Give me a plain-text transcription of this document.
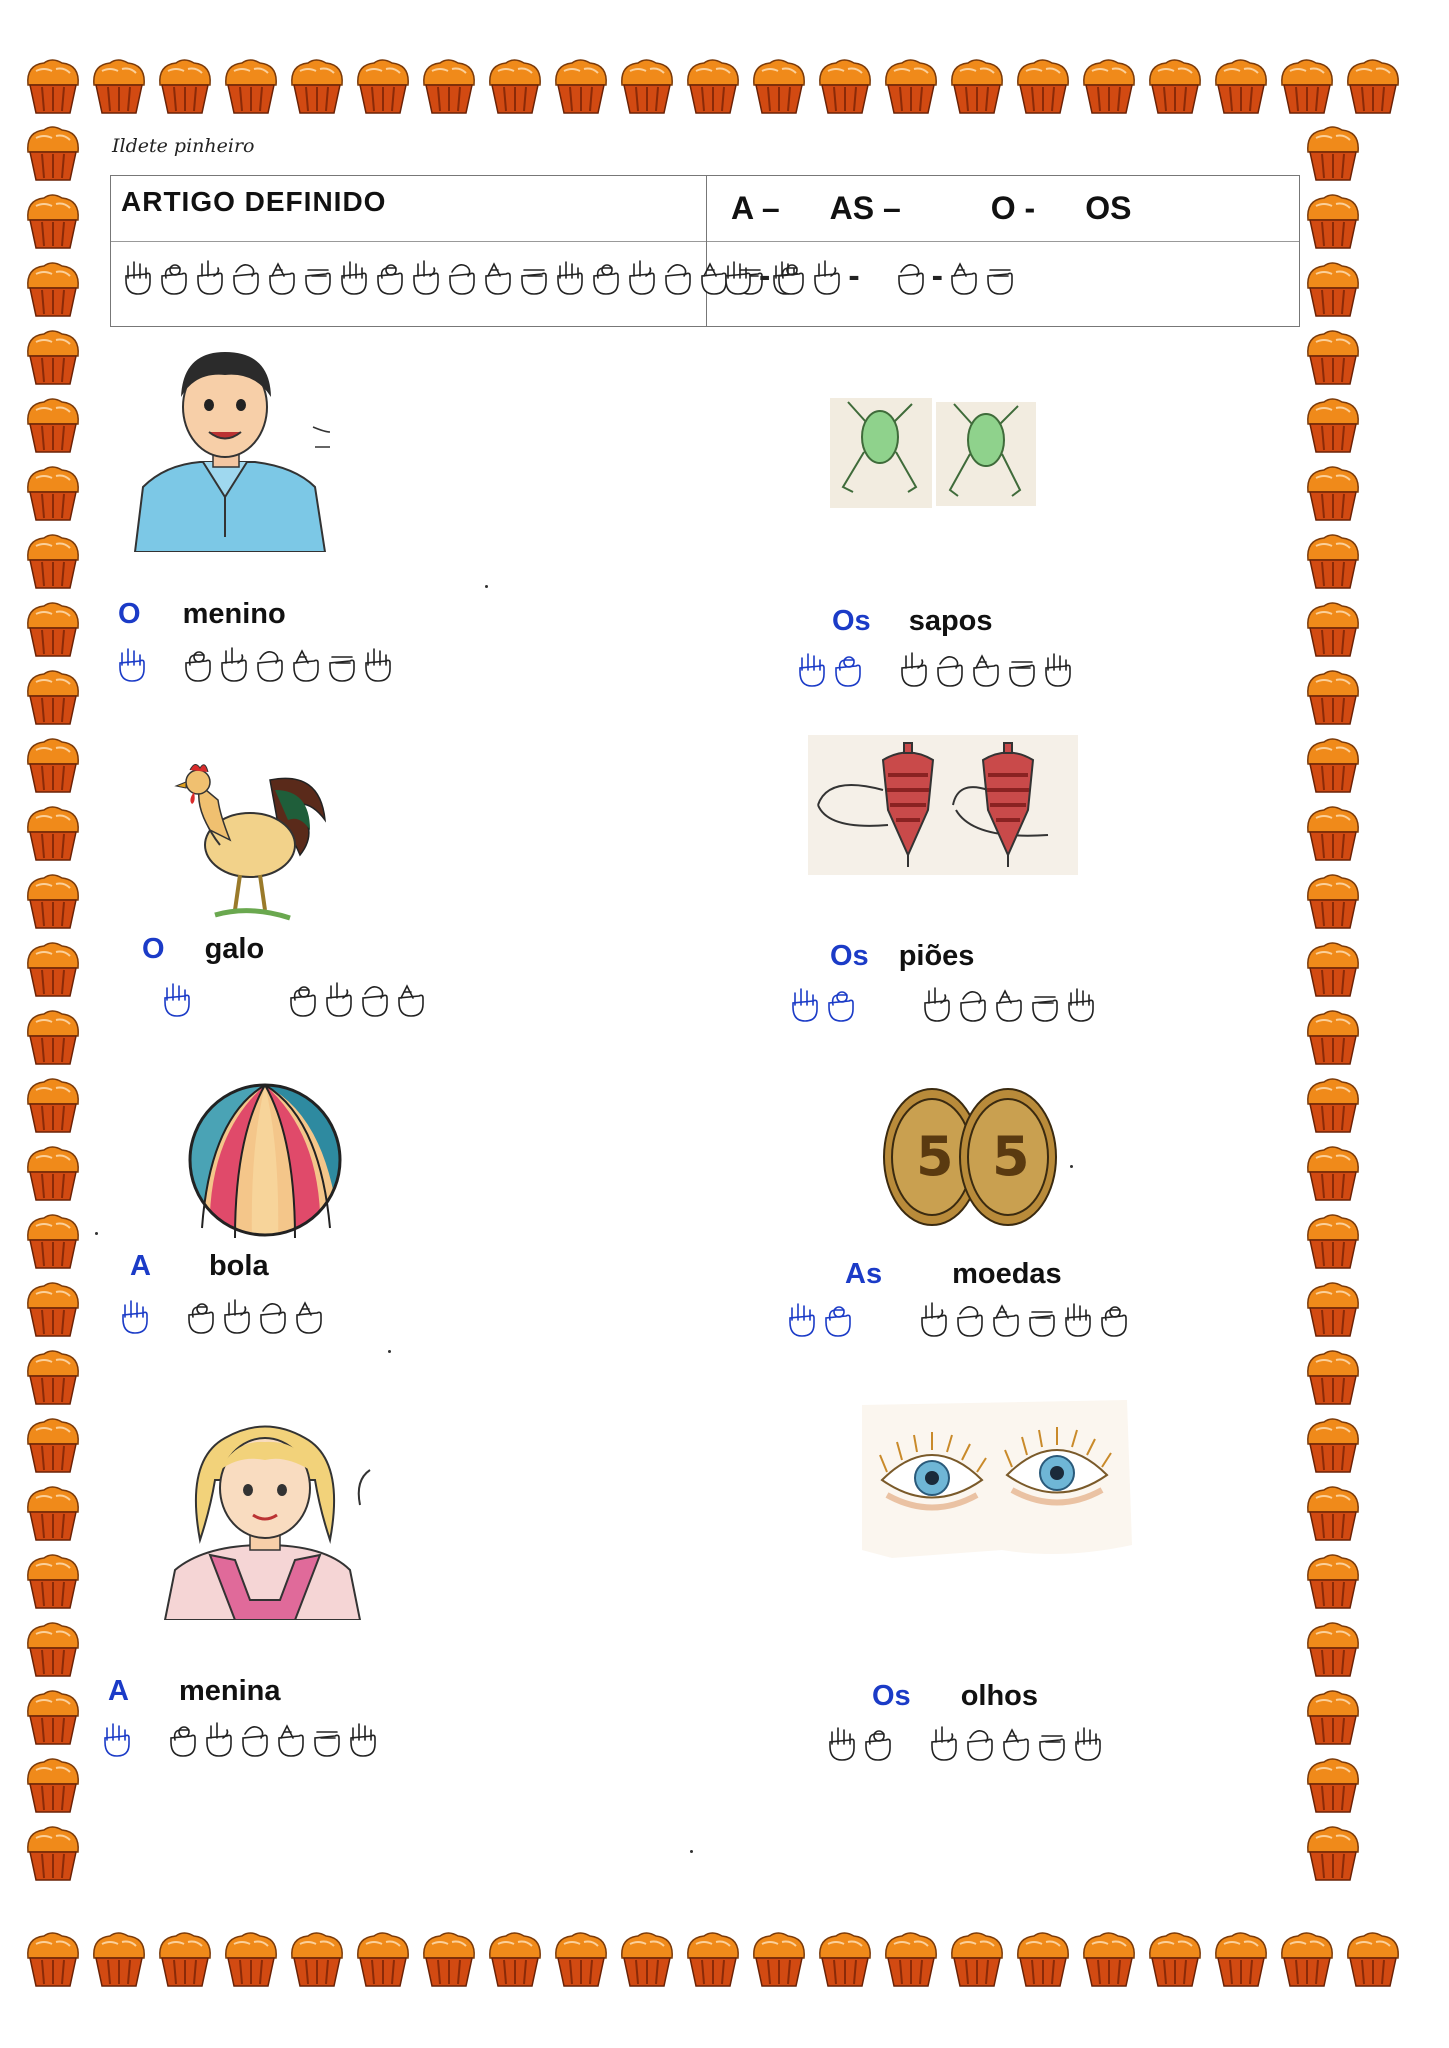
Ildete pinheiro
ARTIGO DEFINIDO	A – AS –	O - OS
- - -
5 5
O menino
O galo
A bola
A menina
Os sapos
Os piões
As moedas
Os olhos
